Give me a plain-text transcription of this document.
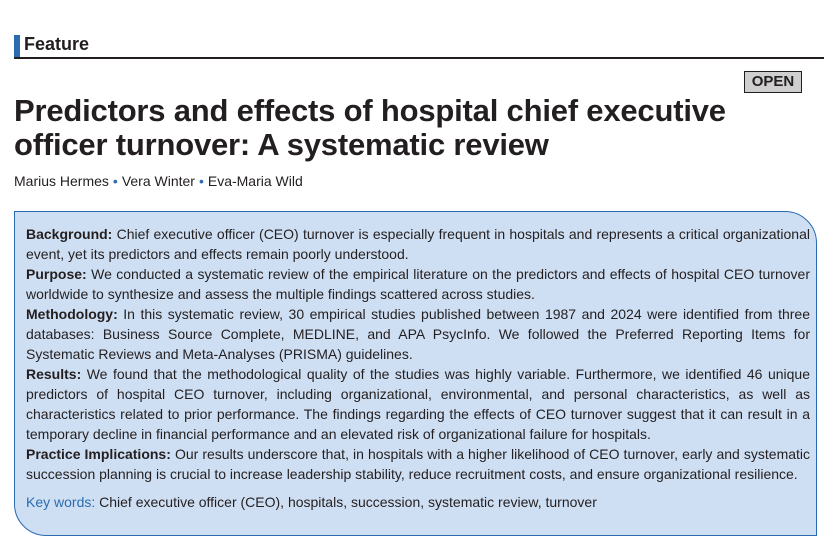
Feature
OPEN
Predictors and effects of hospital chief executive officer turnover: A systematic review
Marius Hermes • Vera Winter • Eva-Maria Wild

Background: Chief executive officer (CEO) turnover is especially frequent in hospitals and represents a critical organizational event, yet its predictors and effects remain poorly understood.

Purpose: We conducted a systematic review of the empirical literature on the predictors and effects of hospital CEO turnover worldwide to synthesize and assess the multiple findings scattered across studies.

Methodology: In this systematic review, 30 empirical studies published between 1987 and 2024 were identified from three databases: Business Source Complete, MEDLINE, and APA PsycInfo. We followed the Preferred Reporting Items for Systematic Reviews and Meta-Analyses (PRISMA) guidelines.

Results: We found that the methodological quality of the studies was highly variable. Furthermore, we identified 46 unique predictors of hospital CEO turnover, including organizational, environmental, and personal characteristics, as well as characteristics related to prior performance. The findings regarding the effects of CEO turnover suggest that it can result in a temporary decline in financial performance and an elevated risk of organizational failure for hospitals.

Practice Implications: Our results underscore that, in hospitals with a higher likelihood of CEO turnover, early and systematic succession planning is crucial to increase leadership stability, reduce recruitment costs, and ensure organizational resilience.

Key words: Chief executive officer (CEO), hospitals, succession, systematic review, turnover
